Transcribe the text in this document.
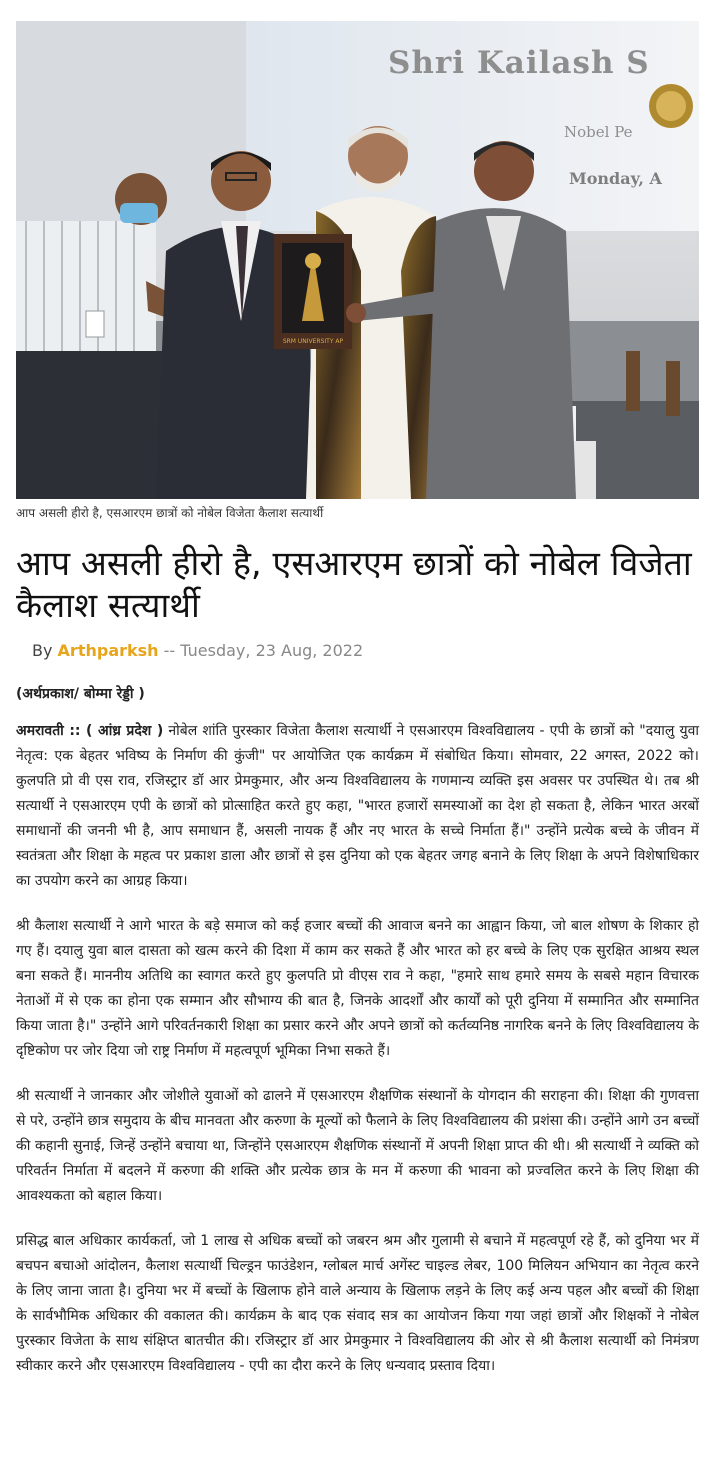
SRM UNIVERSITY AP
Shri Kailash S
Nobel Pe
Monday, A
आप असली हीरो है, एसआरएम छात्रों को नोबेल विजेता कैलाश सत्यार्थी
आप असली हीरो है, एसआरएम छात्रों को नोबेल विजेता कैलाश सत्यार्थी
By Arthparksh -- Tuesday, 23 Aug, 2022

(अर्थप्रकाश/ बोम्मा रेड्डी )

अमरावती :: ( आंध्र प्रदेश ) नोबेल शांति पुरस्कार विजेता कैलाश सत्यार्थी ने एसआरएम विश्वविद्यालय - एपी के छात्रों को "दयालु युवा नेतृत्व: एक बेहतर भविष्य के निर्माण की कुंजी" पर आयोजित एक कार्यक्रम में संबोधित किया। सोमवार, 22 अगस्त, 2022 को। कुलपति प्रो वी एस राव, रजिस्ट्रार डॉ आर प्रेमकुमार, और अन्य विश्वविद्यालय के गणमान्य व्यक्ति इस अवसर पर उपस्थित थे। तब श्री सत्यार्थी ने एसआरएम एपी के छात्रों को प्रोत्साहित करते हुए कहा, "भारत हजारों समस्याओं का देश हो सकता है, लेकिन भारत अरबों समाधानों की जननी भी है, आप समाधान हैं, असली नायक हैं और नए भारत के सच्चे निर्माता हैं।" उन्होंने प्रत्येक बच्चे के जीवन में स्वतंत्रता और शिक्षा के महत्व पर प्रकाश डाला और छात्रों से इस दुनिया को एक बेहतर जगह बनाने के लिए शिक्षा के अपने विशेषाधिकार का उपयोग करने का आग्रह किया।

श्री कैलाश सत्यार्थी ने आगे भारत के बड़े समाज को कई हजार बच्चों की आवाज बनने का आह्वान किया, जो बाल शोषण के शिकार हो गए हैं। दयालु युवा बाल दासता को खत्म करने की दिशा में काम कर सकते हैं और भारत को हर बच्चे के लिए एक सुरक्षित आश्रय स्थल बना सकते हैं। माननीय अतिथि का स्वागत करते हुए कुलपति प्रो वीएस राव ने कहा, "हमारे साथ हमारे समय के सबसे महान विचारक नेताओं में से एक का होना एक सम्मान और सौभाग्य की बात है, जिनके आदर्शों और कार्यों को पूरी दुनिया में सम्मानित और सम्मानित किया जाता है।" उन्होंने आगे परिवर्तनकारी शिक्षा का प्रसार करने और अपने छात्रों को कर्तव्यनिष्ठ नागरिक बनने के लिए विश्वविद्यालय के दृष्टिकोण पर जोर दिया जो राष्ट्र निर्माण में महत्वपूर्ण भूमिका निभा सकते हैं।

श्री सत्यार्थी ने जानकार और जोशीले युवाओं को ढालने में एसआरएम शैक्षणिक संस्थानों के योगदान की सराहना की। शिक्षा की गुणवत्ता से परे, उन्होंने छात्र समुदाय के बीच मानवता और करुणा के मूल्यों को फैलाने के लिए विश्वविद्यालय की प्रशंसा की। उन्होंने आगे उन बच्चों की कहानी सुनाई, जिन्हें उन्होंने बचाया था, जिन्होंने एसआरएम शैक्षणिक संस्थानों में अपनी शिक्षा प्राप्त की थी। श्री सत्यार्थी ने व्यक्ति को परिवर्तन निर्माता में बदलने में करुणा की शक्ति और प्रत्येक छात्र के मन में करुणा की भावना को प्रज्वलित करने के लिए शिक्षा की आवश्यकता को बहाल किया।

प्रसिद्ध बाल अधिकार कार्यकर्ता, जो 1 लाख से अधिक बच्चों को जबरन श्रम और गुलामी से बचाने में महत्वपूर्ण रहे हैं, को दुनिया भर में बचपन बचाओ आंदोलन, कैलाश सत्यार्थी चिल्ड्रन फाउंडेशन, ग्लोबल मार्च अगेंस्ट चाइल्ड लेबर, 100 मिलियन अभियान का नेतृत्व करने के लिए जाना जाता है। दुनिया भर में बच्चों के खिलाफ होने वाले अन्याय के खिलाफ लड़ने के लिए कई अन्य पहल और बच्चों की शिक्षा के सार्वभौमिक अधिकार की वकालत की। कार्यक्रम के बाद एक संवाद सत्र का आयोजन किया गया जहां छात्रों और शिक्षकों ने नोबेल पुरस्कार विजेता के साथ संक्षिप्त बातचीत की। रजिस्ट्रार डॉ आर प्रेमकुमार ने विश्वविद्यालय की ओर से श्री कैलाश सत्यार्थी को निमंत्रण स्वीकार करने और एसआरएम विश्वविद्यालय - एपी का दौरा करने के लिए धन्यवाद प्रस्ताव दिया।
